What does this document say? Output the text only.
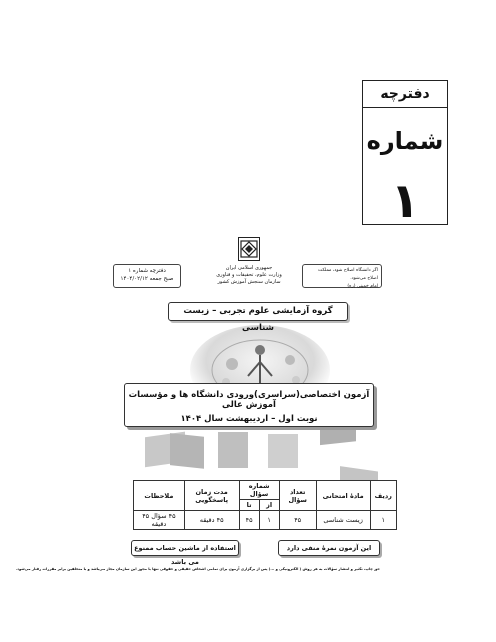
دفترچه
شماره
۱
دفترچه شماره ۱
صبح جمعه ۱۴۰۴/۰۲/۱۲
جمهوری اسلامی ایران
وزارت علوم، تحقیقات و فناوری
سازمان سنجش آموزش کشور
اگر دانشگاه اصلاح شود، مملکت اصلاح می‌شود.
امام خمینی (ره)
گروه آزمایشی علوم تجربی – زیست شناسی
آزمون اختصاصی(سراسری)ورودی دانشگاه ها و مؤسسات آموزش عالی
نوبت اول – اردیبهشت سال ۱۴۰۴
ردیف	مادهٔ امتحانی	تعداد سؤال	شماره سؤال		مدت زمان پاسخگویی	ملاحظات
			از	تا		
۱	زیست شناسی	۴۵	۱	۴۵	۴۵ دقیقه	۴۵ سؤال ۴۵ دقیقه
استفاده از ماشین حساب ممنوع می باشد
این آزمون نمرهٔ منفی دارد
حق چاپ، تکثیر و انتشار سؤالات به هر روش ( الکترونیکی و ...) پس از برگزاری آزمون برای تمامی اشخاص حقیقی و حقوقی تنها با مجوز این سازمان مجاز می‌باشد و با متخلفین برابر مقررات رفتار می‌شود.
